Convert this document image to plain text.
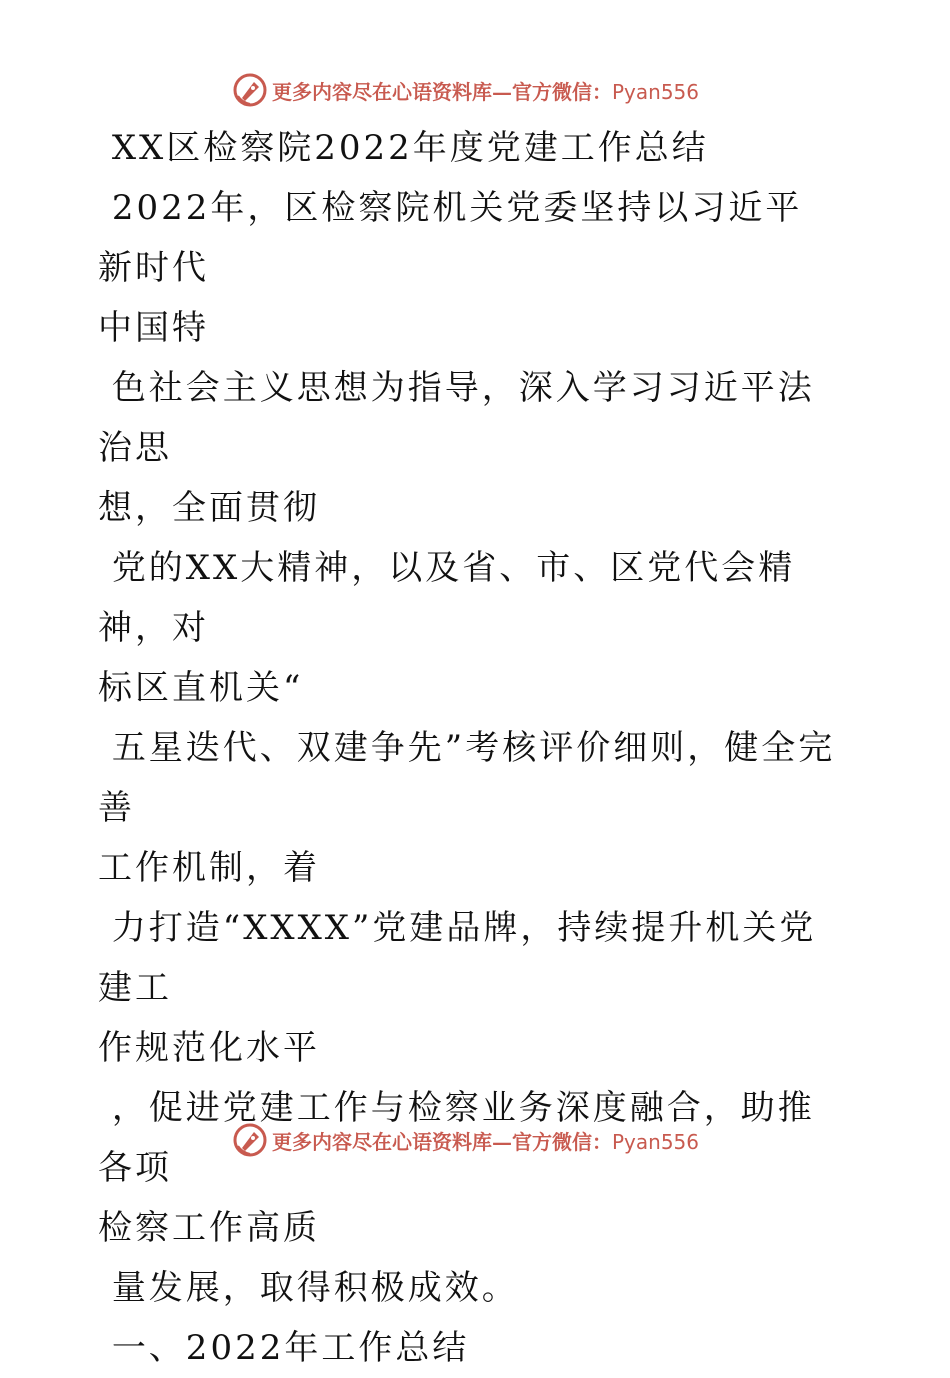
更多内容尽在心语资料库—官方微信：Pyan556

XX区检察院2022年度党建工作总结

2022年，区检察院机关党委坚持以习近平新时代
中国特

色社会主义思想为指导，深入学习习近平法治思
想，全面贯彻

党的XX大精神，以及省、市、区党代会精神，对
标区直机关“

五星迭代、双建争先”考核评价细则，健全完善
工作机制，着

力打造“XXXX”党建品牌，持续提升机关党建工
作规范化水平

，促进党建工作与检察业务深度融合，助推各项
检察工作高质

量发展，取得积极成效。

一、2022年工作总结

更多内容尽在心语资料库—官方微信：Pyan556
